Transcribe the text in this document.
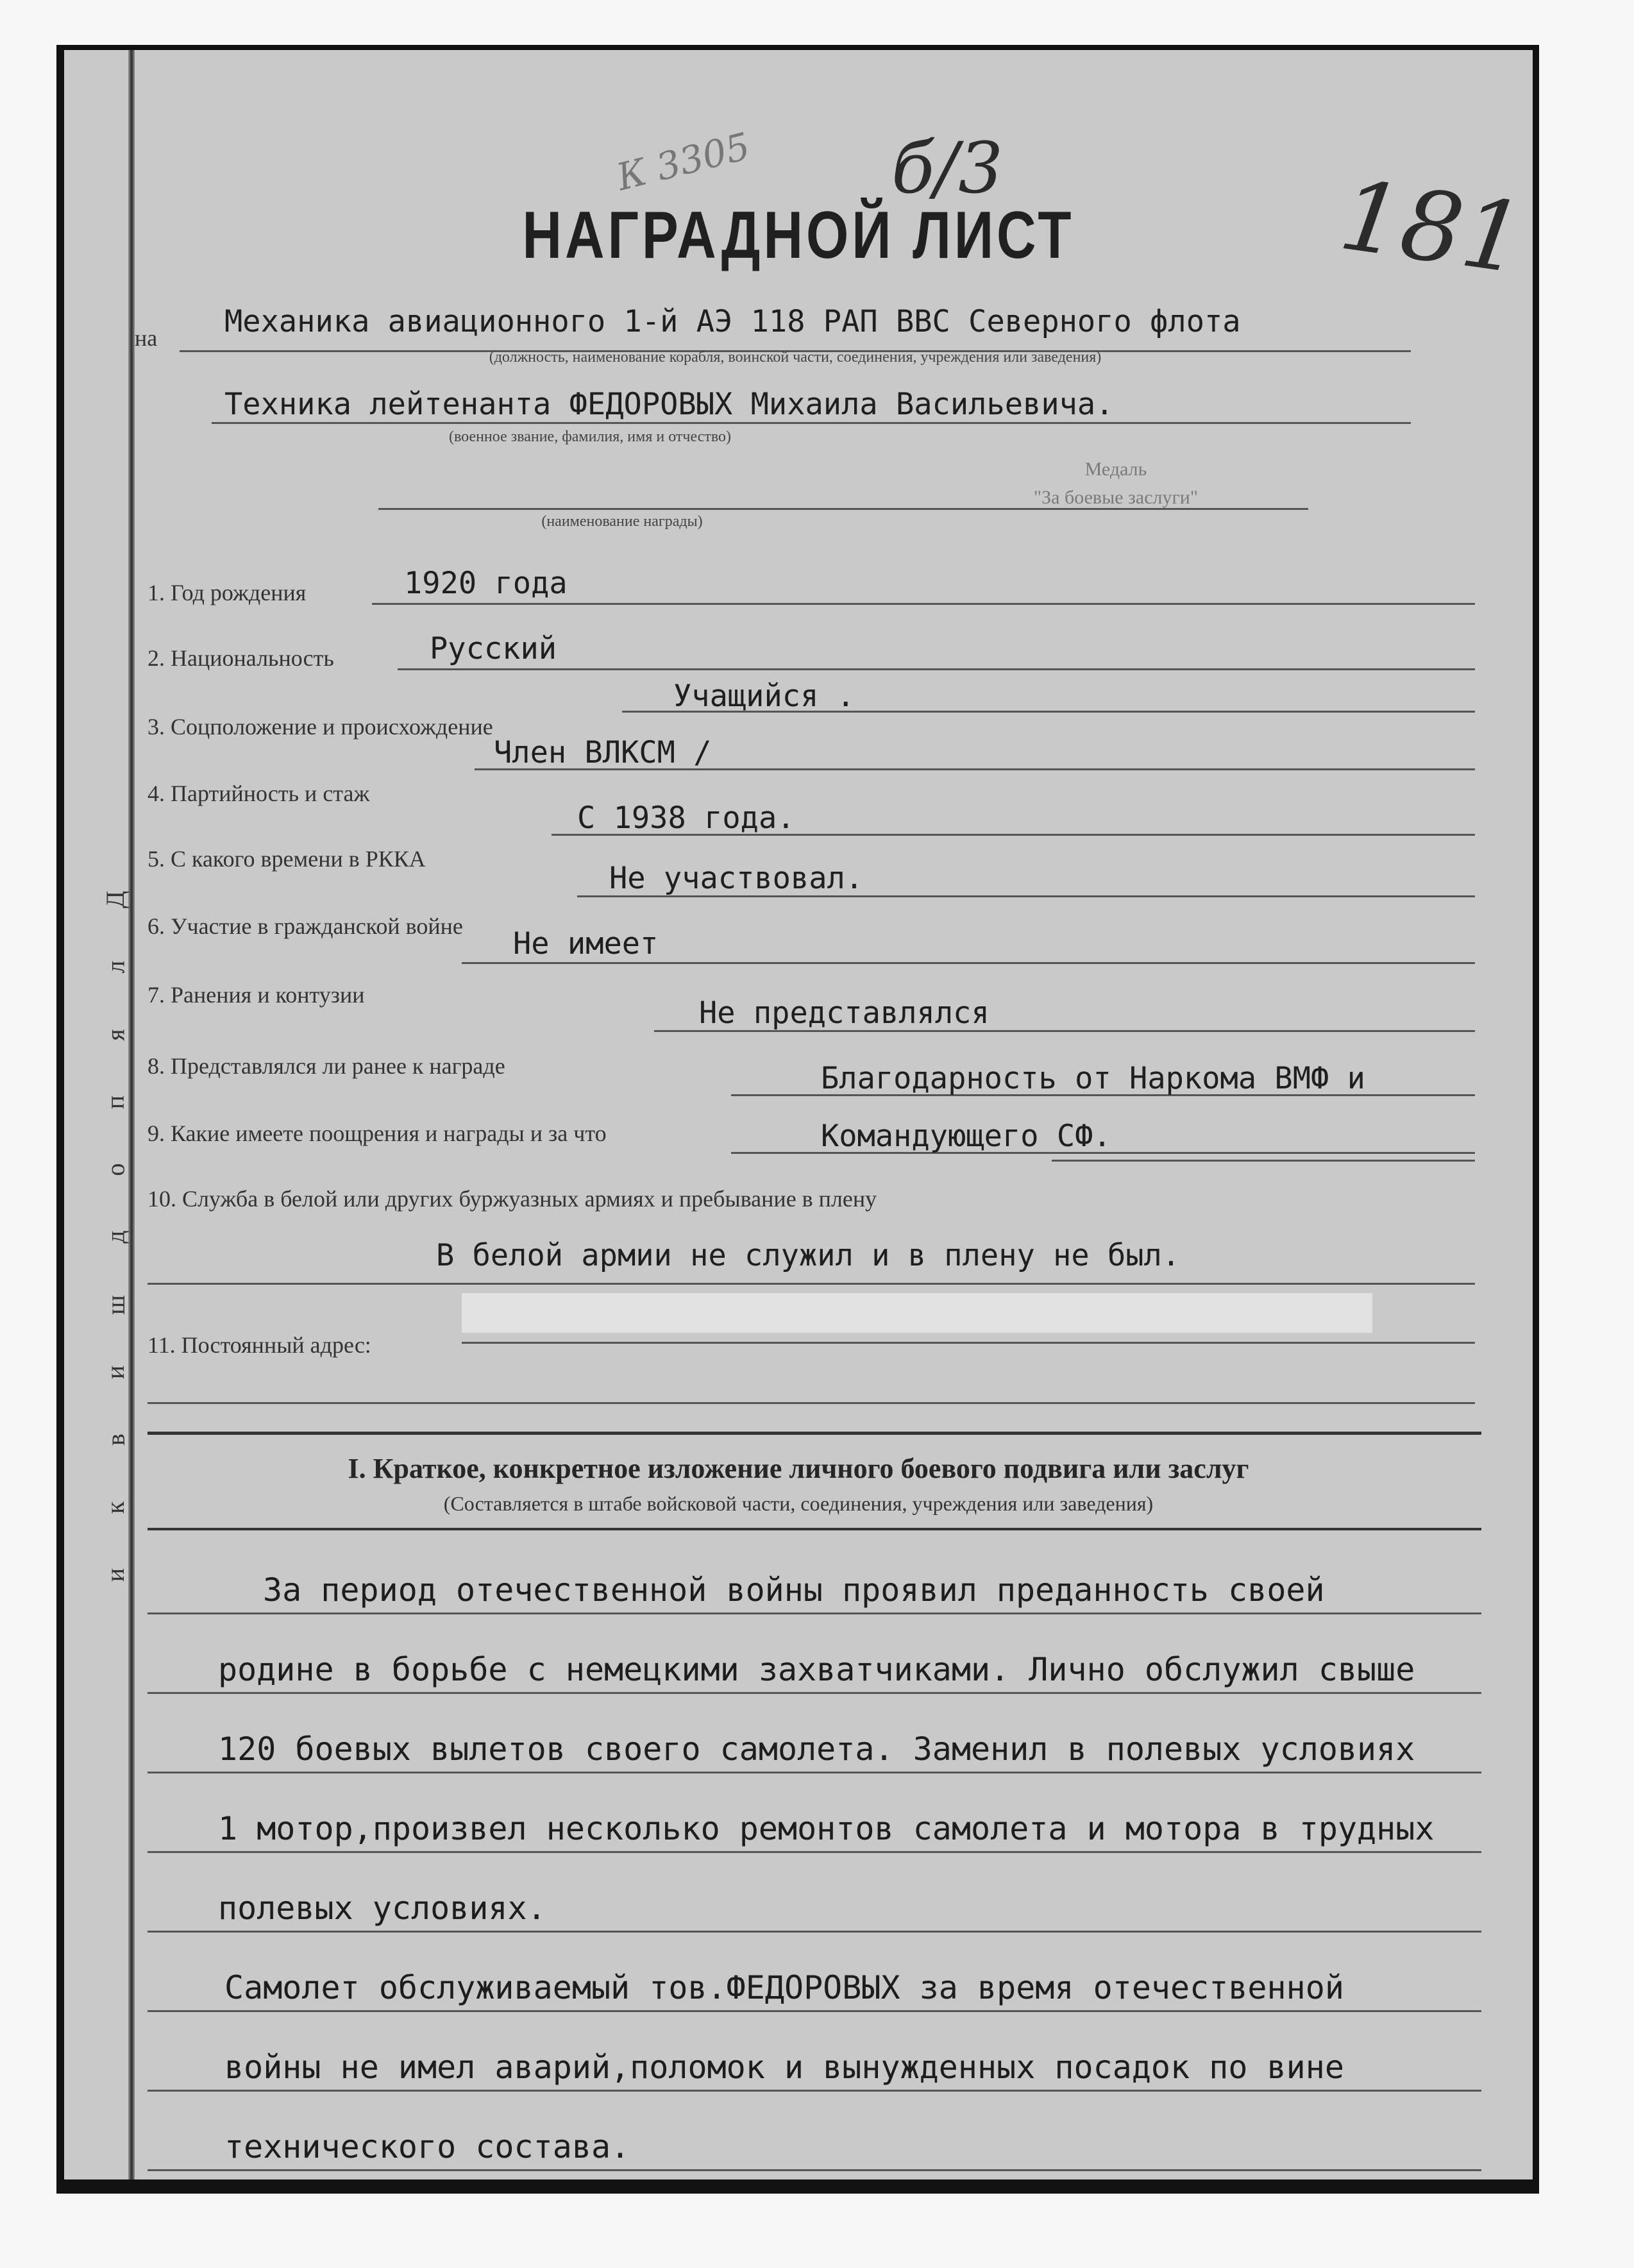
Д
л
я
п
о
д
ш
и
в
к
и
К 3305 б/3	181
НАГРАДНОЙ ЛИСТ
на Механика авиационного 1-й АЭ 118 РАП ВВС Северного флота
(должность, наименование корабля, воинской части, соединения, учреждения или заведения)
Техника лейтенанта ФЕДОРОВЫХ Михаила Васильевича.
(военное звание, фамилия, имя и отчество)
Медаль
"За боевые заслуги"
(наименование награды)
1. Год рождения	1920 года
2. Национальность	Русский
3. Соцположение и происхождение
Учащийся .
4. Партийность и стаж
Член ВЛКСМ /
5. С какого времени в РККА
С 1938 года.
6. Участие в гражданской войне
Не участвовал.
7. Ранения и контузии
Не имеет
8. Представлялся ли ранее к награде
Не представлялся
9. Какие имеете поощрения и награды и за что
Благодарность от Наркома ВМФ и
Командующего СФ.
10. Служба в белой или других буржуазных армиях и пребывание в плену
В белой армии не служил и в плену не был.
11. Постоянный адрес:
I. Краткое, конкретное изложение личного боевого подвига или заслуг
(Составляется в штабе войсковой части, соединения, учреждения или заведения)
За период отечественной войны проявил преданность своей
родине в борьбе с немецкими захватчиками. Лично обслужил свыше
120 боевых вылетов своего самолета. Заменил в полевых условиях
1 мотор,произвел несколько ремонтов самолета и мотора в трудных
полевых условиях.
Самолет обслуживаемый тов.ФЕДОРОВЫХ за время отечественной
войны не имел аварий,поломок и вынужденных посадок по вине
технического состава.
